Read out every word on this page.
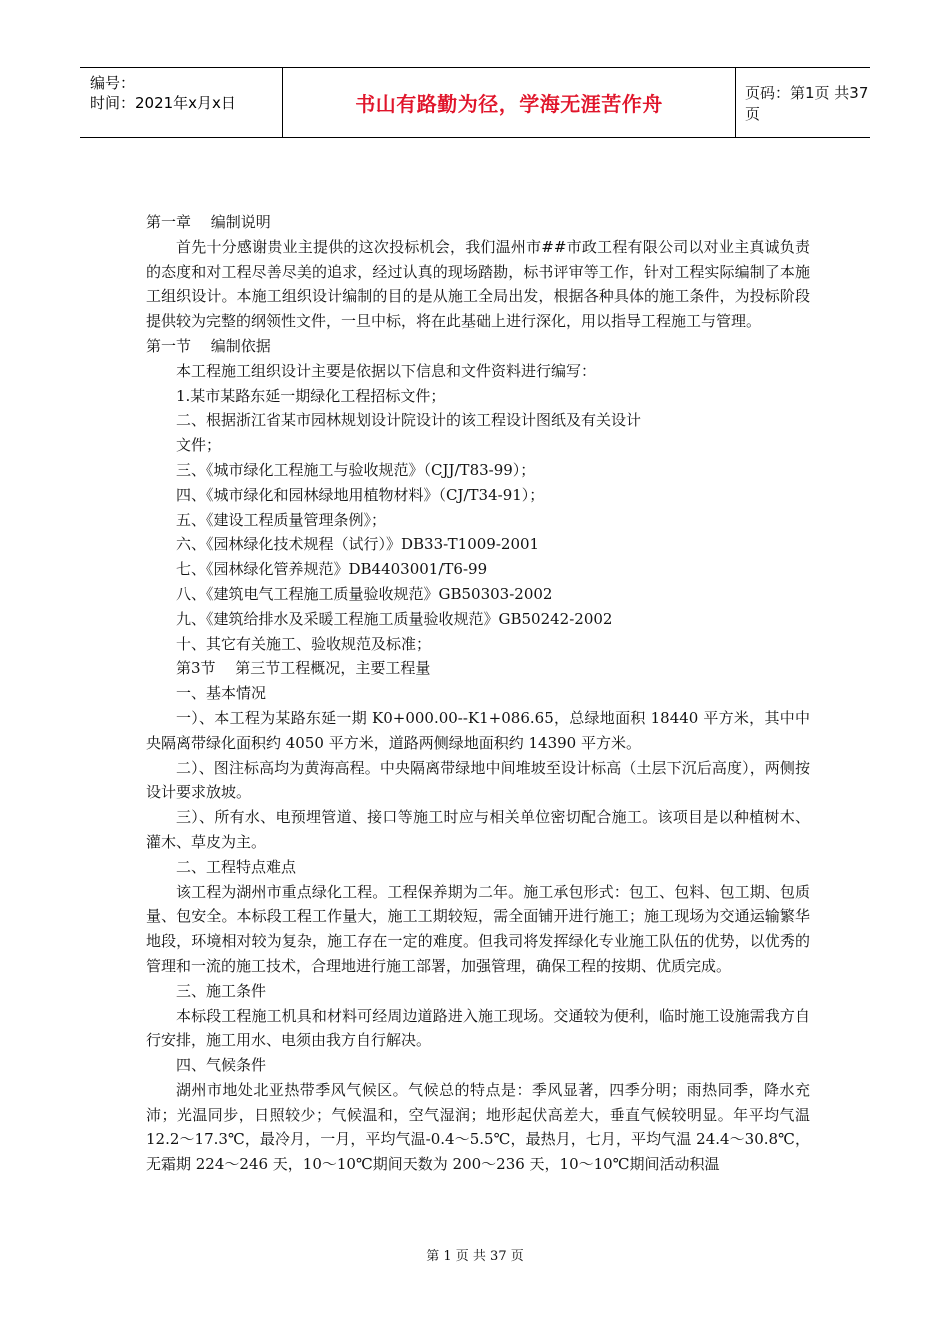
编号：
时间：2021年x月x日	书山有路勤为径，学海无涯苦作舟	页码：第1页 共37页
第一章　 编制说明
首先十分感谢贵业主提供的这次投标机会，我们温州市##市政工程有限公司以对业主真诚负责的态度和对工程尽善尽美的追求，经过认真的现场踏勘，标书评审等工作，针对工程实际编制了本施工组织设计。本施工组织设计编制的目的是从施工全局出发，根据各种具体的施工条件，为投标阶段提供较为完整的纲领性文件，一旦中标，将在此基础上进行深化，用以指导工程施工与管理。
第一节　 编制依据
本工程施工组织设计主要是依据以下信息和文件资料进行编写：
1.某市某路东延一期绿化工程招标文件；
二、根据浙江省某市园林规划设计院设计的该工程设计图纸及有关设计
文件；
三、《城市绿化工程施工与验收规范》（CJJ/T83-99）；
四、《城市绿化和园林绿地用植物材料》（CJ/T34-91）；
五、《建设工程质量管理条例》；
六、《园林绿化技术规程（试行）》DB33-T1009-2001
七、《园林绿化管养规范》DB4403001/T6-99
八、《建筑电气工程施工质量验收规范》GB50303-2002
九、《建筑给排水及采暖工程施工质量验收规范》GB50242-2002
十、其它有关施工、验收规范及标准；
第3节　 第三节工程概况，主要工程量
一、基本情况
一）、本工程为某路东延一期 K0+000.00--K1+086.65，总绿地面积 18440 平方米，其中中央隔离带绿化面积约 4050 平方米，道路两侧绿地面积约 14390 平方米。
二）、图注标高均为黄海高程。中央隔离带绿地中间堆坡至设计标高（土层下沉后高度），两侧按设计要求放坡。
三）、所有水、电预埋管道、接口等施工时应与相关单位密切配合施工。该项目是以种植树木、灌木、草皮为主。
二、工程特点难点
该工程为湖州市重点绿化工程。工程保养期为二年。施工承包形式：包工、包料、包工期、包质量、包安全。本标段工程工作量大，施工工期较短，需全面铺开进行施工；施工现场为交通运输繁华地段，环境相对较为复杂，施工存在一定的难度。但我司将发挥绿化专业施工队伍的优势，以优秀的管理和一流的施工技术，合理地进行施工部署，加强管理，确保工程的按期、优质完成。
三、施工条件
本标段工程施工机具和材料可经周边道路进入施工现场。交通较为便利，临时施工设施需我方自行安排，施工用水、电须由我方自行解决。
四、气候条件
湖州市地处北亚热带季风气候区。气候总的特点是：季风显著，四季分明；雨热同季，降水充沛；光温同步，日照较少；气候温和，空气湿润；地形起伏高差大，垂直气候较明显。年平均气温 12.2～17.3℃，最冷月，一月，平均气温-0.4～5.5℃，最热月，七月，平均气温 24.4～30.8℃，无霜期 224～246 天，10～10℃期间天数为 200～236 天，10～10℃期间活动积温
第 1 页 共 37 页
